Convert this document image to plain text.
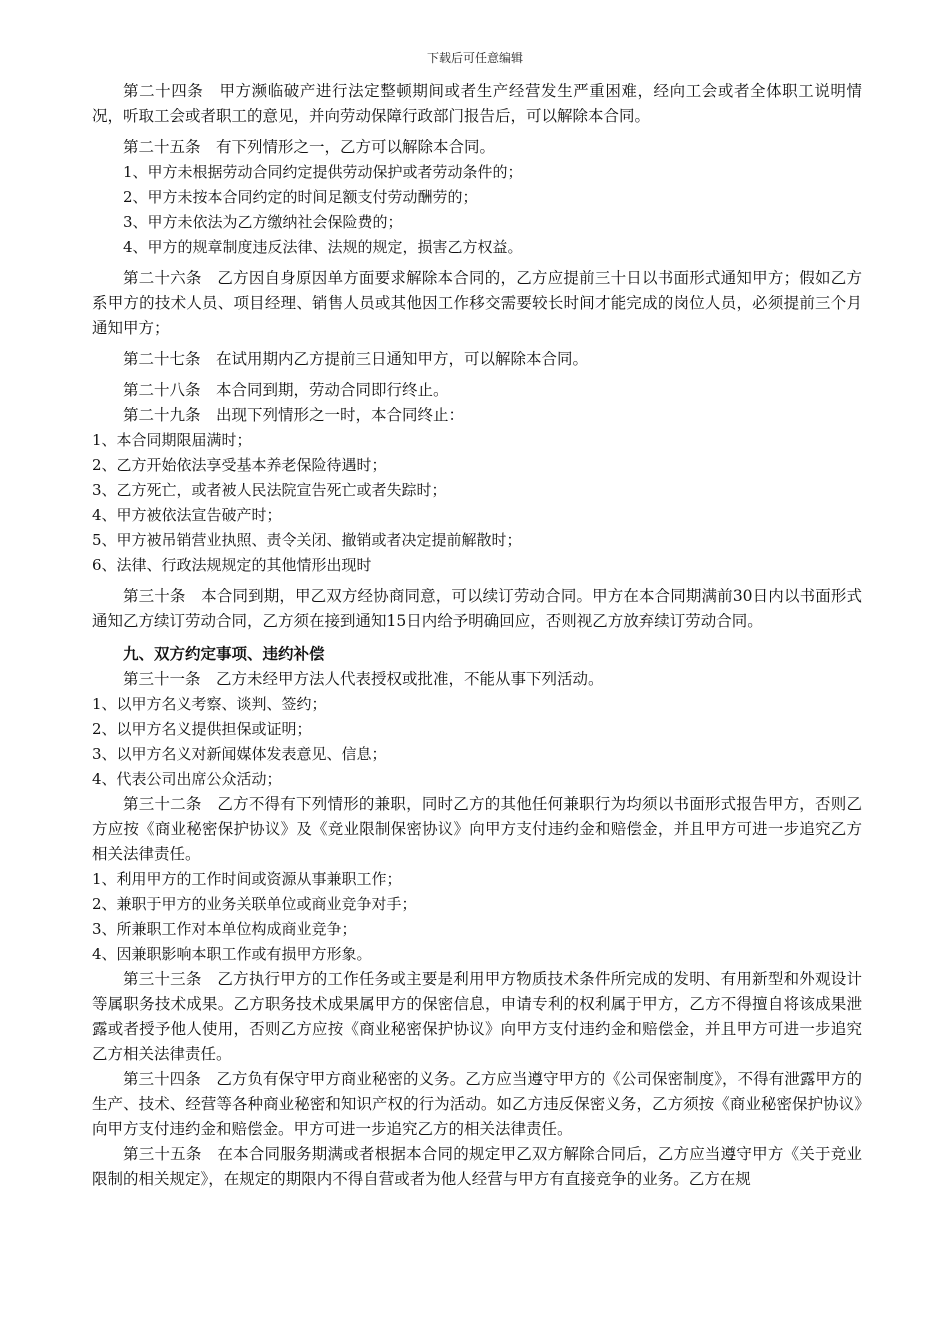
下载后可任意编辑

第二十四条　甲方濒临破产进行法定整顿期间或者生产经营发生严重困难，经向工会或者全体职工说明情况，听取工会或者职工的意见，并向劳动保障行政部门报告后，可以解除本合同。

第二十五条　有下列情形之一，乙方可以解除本合同。

1、甲方未根据劳动合同约定提供劳动保护或者劳动条件的；

2、甲方未按本合同约定的时间足额支付劳动酬劳的；

3、甲方未依法为乙方缴纳社会保险费的；

4、甲方的规章制度违反法律、法规的规定，损害乙方权益。

第二十六条　乙方因自身原因单方面要求解除本合同的，乙方应提前三十日以书面形式通知甲方；假如乙方系甲方的技术人员、项目经理、销售人员或其他因工作移交需要较长时间才能完成的岗位人员，必须提前三个月通知甲方；

第二十七条　在试用期内乙方提前三日通知甲方，可以解除本合同。

第二十八条　本合同到期，劳动合同即行终止。

第二十九条　出现下列情形之一时，本合同终止：

1、本合同期限届满时；

2、乙方开始依法享受基本养老保险待遇时；

3、乙方死亡，或者被人民法院宣告死亡或者失踪时；

4、甲方被依法宣告破产时；

5、甲方被吊销营业执照、责令关闭、撤销或者决定提前解散时；

6、法律、行政法规规定的其他情形出现时

第三十条　本合同到期，甲乙双方经协商同意，可以续订劳动合同。甲方在本合同期满前30日内以书面形式通知乙方续订劳动合同，乙方须在接到通知15日内给予明确回应，否则视乙方放弃续订劳动合同。

九、双方约定事项、违约补偿

第三十一条　乙方未经甲方法人代表授权或批准，不能从事下列活动。

1、以甲方名义考察、谈判、签约；

2、以甲方名义提供担保或证明；

3、以甲方名义对新闻媒体发表意见、信息；

4、代表公司出席公众活动；

第三十二条　乙方不得有下列情形的兼职，同时乙方的其他任何兼职行为均须以书面形式报告甲方，否则乙方应按《商业秘密保护协议》及《竞业限制保密协议》向甲方支付违约金和赔偿金，并且甲方可进一步追究乙方相关法律责任。

1、利用甲方的工作时间或资源从事兼职工作；

2、兼职于甲方的业务关联单位或商业竞争对手；

3、所兼职工作对本单位构成商业竞争；

4、因兼职影响本职工作或有损甲方形象。

第三十三条　乙方执行甲方的工作任务或主要是利用甲方物质技术条件所完成的发明、有用新型和外观设计等属职务技术成果。乙方职务技术成果属甲方的保密信息，申请专利的权利属于甲方，乙方不得擅自将该成果泄露或者授予他人使用，否则乙方应按《商业秘密保护协议》向甲方支付违约金和赔偿金，并且甲方可进一步追究乙方相关法律责任。

第三十四条　乙方负有保守甲方商业秘密的义务。乙方应当遵守甲方的《公司保密制度》，不得有泄露甲方的生产、技术、经营等各种商业秘密和知识产权的行为活动。如乙方违反保密义务，乙方须按《商业秘密保护协议》向甲方支付违约金和赔偿金。甲方可进一步追究乙方的相关法律责任。

第三十五条　在本合同服务期满或者根据本合同的规定甲乙双方解除合同后，乙方应当遵守甲方《关于竞业限制的相关规定》，在规定的期限内不得自营或者为他人经营与甲方有直接竞争的业务。乙方在规
